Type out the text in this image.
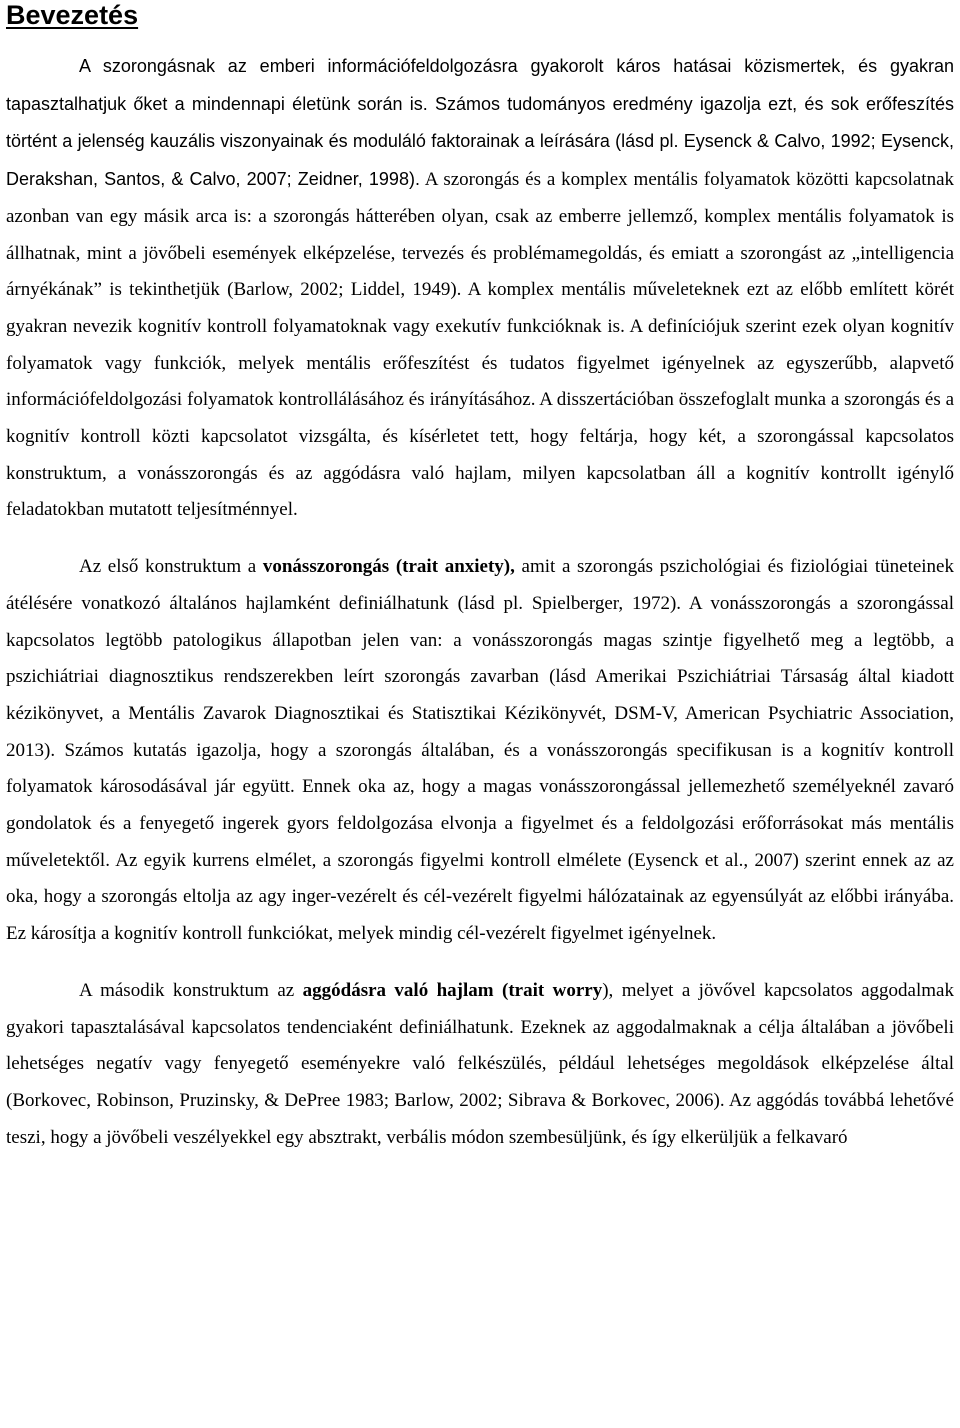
Bevezetés

A szorongásnak az emberi információfeldolgozásra gyakorolt káros hatásai közismertek, és gyakran tapasztalhatjuk őket a mindennapi életünk során is. Számos tudományos eredmény igazolja ezt, és sok erőfeszítés történt a jelenség kauzális viszonyainak és moduláló faktorainak a leírására (lásd pl. Eysenck & Calvo, 1992; Eysenck, Derakshan, Santos, & Calvo, 2007; Zeidner, 1998). A szorongás és a komplex mentális folyamatok közötti kapcsolatnak azonban van egy másik arca is: a szorongás hátterében olyan, csak az emberre jellemző, komplex mentális folyamatok is állhatnak, mint a jövőbeli események elképzelése, tervezés és problémamegoldás, és emiatt a szorongást az „intelligencia árnyékának” is tekinthetjük (Barlow, 2002; Liddel, 1949). A komplex mentális műveleteknek ezt az előbb említett körét gyakran nevezik kognitív kontroll folyamatoknak vagy exekutív funkcióknak is. A definíciójuk szerint ezek olyan kognitív folyamatok vagy funkciók, melyek mentális erőfeszítést és tudatos figyelmet igényelnek az egyszerűbb, alapvető információfeldolgozási folyamatok kontrollálásához és irányításához. A disszertációban összefoglalt munka a szorongás és a kognitív kontroll közti kapcsolatot vizsgálta, és kísérletet tett, hogy feltárja, hogy két, a szorongással kapcsolatos konstruktum, a vonásszorongás és az aggódásra való hajlam, milyen kapcsolatban áll a kognitív kontrollt igénylő feladatokban mutatott teljesítménnyel.

Az első konstruktum a vonásszorongás (trait anxiety), amit a szorongás pszichológiai és fiziológiai tüneteinek átélésére vonatkozó általános hajlamként definiálhatunk (lásd pl. Spielberger, 1972). A vonásszorongás a szorongással kapcsolatos legtöbb patologikus állapotban jelen van: a vonásszorongás magas szintje figyelhető meg a legtöbb, a pszichiátriai diagnosztikus rendszerekben leírt szorongás zavarban (lásd Amerikai Pszichiátriai Társaság által kiadott kézikönyvet, a Mentális Zavarok Diagnosztikai és Statisztikai Kézikönyvét, DSM-V, American Psychiatric Association, 2013). Számos kutatás igazolja, hogy a szorongás általában, és a vonásszorongás specifikusan is a kognitív kontroll folyamatok károsodásával jár együtt. Ennek oka az, hogy a magas vonásszorongással jellemezhető személyeknél zavaró gondolatok és a fenyegető ingerek gyors feldolgozása elvonja a figyelmet és a feldolgozási erőforrásokat más mentális műveletektől. Az egyik kurrens elmélet, a szorongás figyelmi kontroll elmélete (Eysenck et al., 2007) szerint ennek az az oka, hogy a szorongás eltolja az agy inger-vezérelt és cél-vezérelt figyelmi hálózatainak az egyensúlyát az előbbi irányába. Ez károsítja a kognitív kontroll funkciókat, melyek mindig cél-vezérelt figyelmet igényelnek.

A második konstruktum az aggódásra való hajlam (trait worry), melyet a jövővel kapcsolatos aggodalmak gyakori tapasztalásával kapcsolatos tendenciaként definiálhatunk. Ezeknek az aggodalmaknak a célja általában a jövőbeli lehetséges negatív vagy fenyegető eseményekre való felkészülés, például lehetséges megoldások elképzelése által (Borkovec, Robinson, Pruzinsky, & DePree 1983; Barlow, 2002; Sibrava & Borkovec, 2006). Az aggódás továbbá lehetővé teszi, hogy a jövőbeli veszélyekkel egy absztrakt, verbális módon szembesüljünk, és így elkerüljük a felkavaró
